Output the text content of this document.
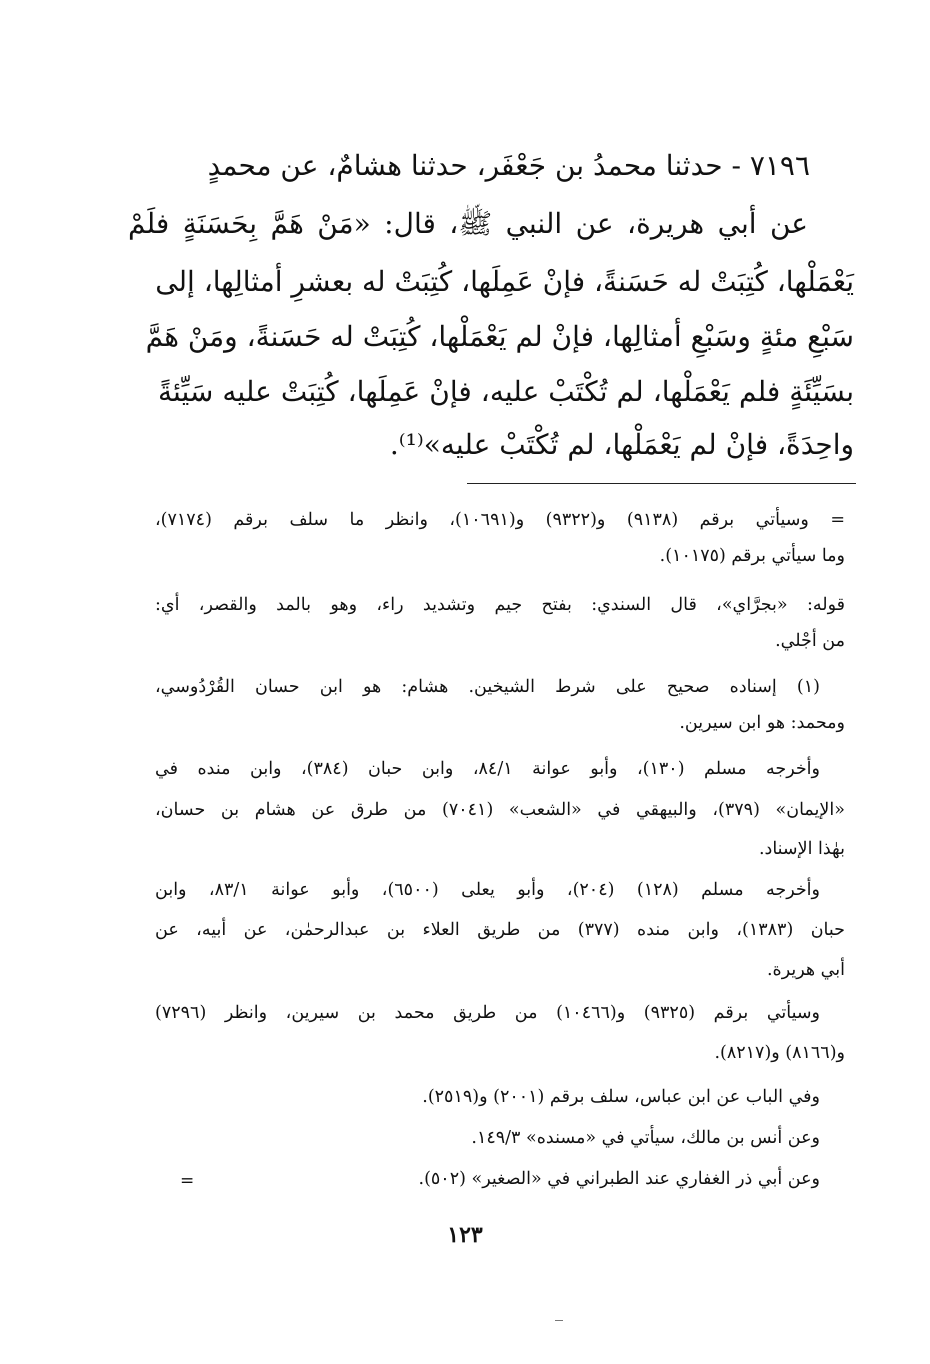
٧١٩٦ - حدثنا محمدُ بن جَعْفَر، حدثنا هشامٌ، عن محمدٍ

عن أبي هريرة، عن النبي ﷺ، قال: «مَنْ هَمَّ بِحَسَنَةٍ فلَمْ

يَعْمَلْها، كُتِبَتْ له حَسَنةً، فإنْ عَمِلَها، كُتِبَتْ له بعشرِ أمثالِها، إلى

سَبْعِ مئةٍ وسَبْعِ أمثالِها، فإنْ لم يَعْمَلْها، كُتِبَتْ له حَسَنةً، ومَنْ هَمَّ

بسَيِّئَةٍ فلم يَعْمَلْها، لم تُكْتَبْ عليه، فإنْ عَمِلَها، كُتِبَتْ عليه سَيِّئةً

واحِدَةً، فإنْ لم يَعْمَلْها، لم تُكْتَبْ عليه»⁽¹⁾.

= وسيأتي برقم (٩١٣٨) و(٩٣٢٢) و(١٠٦٩١)، وانظر ما سلف برقم (٧١٧٤)،

وما سيأتي برقم (١٠١٧٥).

قوله: «بجرَّاي»، قال السندي: بفتح جيم وتشديد راء، وهو بالمد والقصر، أي:

من أجْلي.

(١) إسناده صحيح على شرط الشيخين. هشام: هو ابن حسان القُرْدُوسي،

ومحمد: هو ابن سيرين.

وأخرجه مسلم (١٣٠)، وأبو عوانة ٨٤/١، وابن حبان (٣٨٤)، وابن منده في

«الإيمان» (٣٧٩)، والبيهقي في «الشعب» (٧٠٤١) من طرق عن هشام بن حسان،

بهٰذا الإسناد.

وأخرجه مسلم (١٢٨) (٢٠٤)، وأبو يعلى (٦٥٠٠)، وأبو عوانة ٨٣/١، وابن

حبان (١٣٨٣)، وابن منده (٣٧٧) من طريق العلاء بن عبدالرحمٰن، عن أبيه، عن

أبي هريرة.

وسيأتي برقم (٩٣٢٥) و(١٠٤٦٦) من طريق محمد بن سيرين، وانظر (٧٢٩٦)

و(٨١٦٦) و(٨٢١٧).

وفي الباب عن ابن عباس، سلف برقم (٢٠٠١) و(٢٥١٩).

وعن أنس بن مالك، سيأتي في «مسنده» ١٤٩/٣.

وعن أبي ذر الغفاري عند الطبراني في «الصغير» (٥٠٢).

=
١٢٣
